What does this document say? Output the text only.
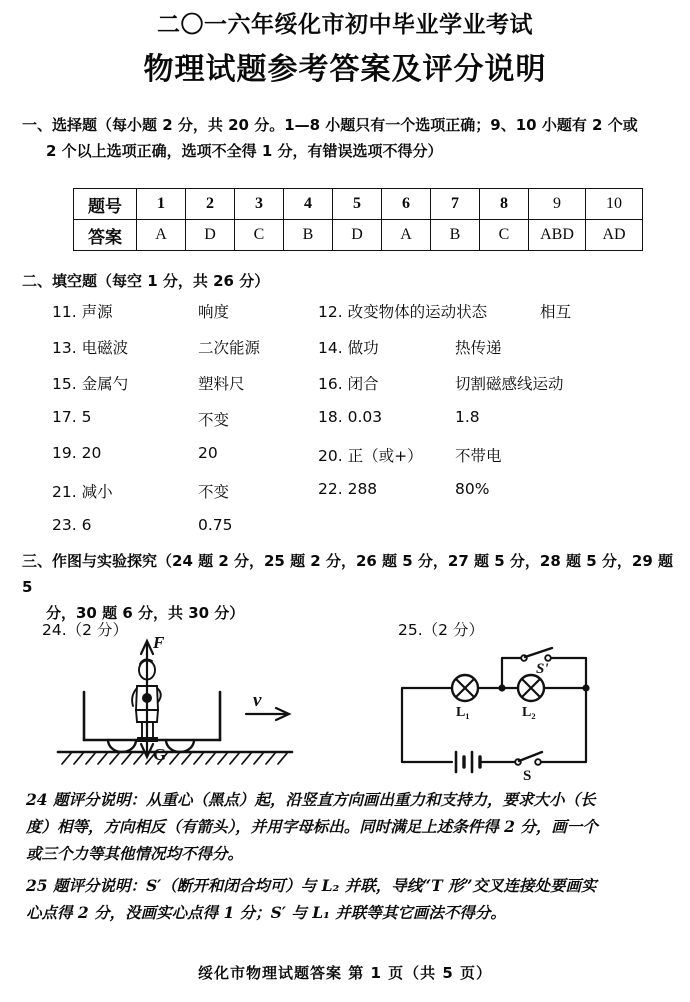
二〇一六年绥化市初中毕业学业考试
物理试题参考答案及评分说明
一、选择题（每小题 2 分，共 20 分。1—8 小题只有一个选项正确；9、10 小题有 2 个或
2 个以上选项正确，选项不全得 1 分，有错误选项不得分）
题号	1	2	3	4	5	6	7	8	9	10
答案	A	D	C	B	D	A	B	C	ABD	AD
二、填空题（每空 1 分，共 26 分）
11. 声源	响度	12. 改变物体的运动状态	相互
13. 电磁波	二次能源	14. 做功	热传递
15. 金属勺	塑料尺	16. 闭合	切割磁感线运动
17. 5	不变	18. 0.03	1.8
19. 20	20	20. 正（或+） 不带电
21. 减小	不变	22. 288	80%
23. 6	0.75
三、作图与实验探究（24 题 2 分，25 题 2 分，26 题 5 分，27 题 5 分，28 题 5 分，29 题 5
分，30 题 6 分，共 30 分）
24.（2 分）
F
G
v
25.（2 分）
L₁	L₂
S'
S
24 题评分说明：从重心（黑点）起，沿竖直方向画出重力和支持力，要求大小（长
度）相等，方向相反（有箭头），并用字母标出。同时满足上述条件得 2 分，画一个
或三个力等其他情况均不得分。
25 题评分说明：S′（断开和闭合均可）与 L₂ 并联，导线“T 形”交叉连接处要画实
心点得 2 分，没画实心点得 1 分；S′ 与 L₁ 并联等其它画法不得分。
绥化市物理试题答案 第 1 页（共 5 页）
